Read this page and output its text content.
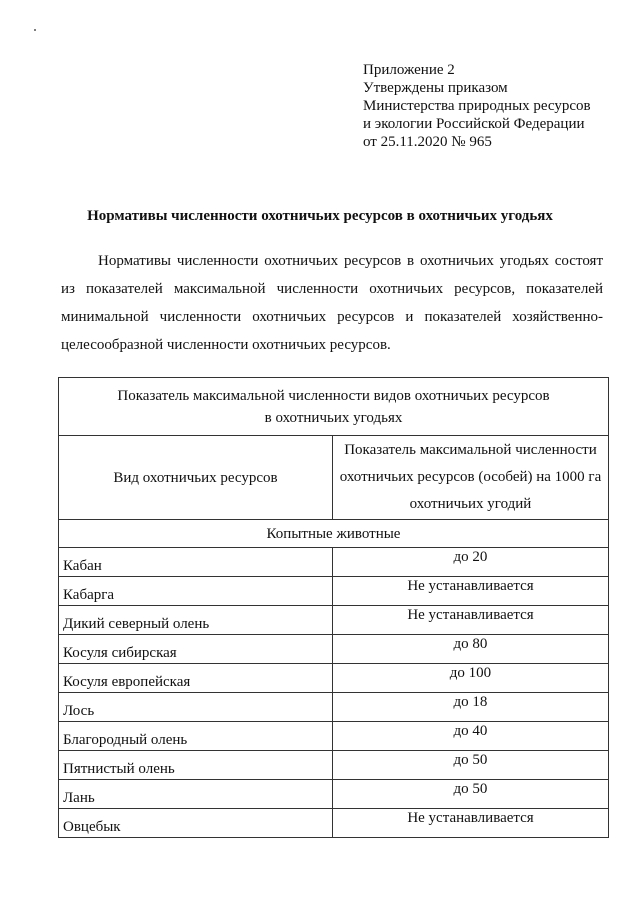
Приложение 2
Утверждены приказом
Министерства природных ресурсов
и экологии Российской Федерации
от 25.11.2020 № 965
Нормативы численности охотничьих ресурсов в охотничьих угодьях
Нормативы численности охотничьих ресурсов в охотничьих угодьях состоят из показателей максимальной численности охотничьих ресурсов, показателей минимальной численности охотничьих ресурсов и показателей хозяйственно-целесообразной численности охотничьих ресурсов.
Показатель максимальной численности видов охотничьих ресурсов
в охотничьих угодьях	

Вид охотничьих ресурсов	Показатель максимальной численности
охотничьих ресурсов (особей) на 1000 га
охотничьих угодий

Копытные животные	
Кабан	до 20
Кабарга	Не устанавливается
Дикий северный олень	Не устанавливается
Косуля сибирская	до 80
Косуля европейская	до 100
Лось	до 18
Благородный олень	до 40
Пятнистый олень	до 50
Лань	до 50
Овцебык	Не устанавливается
